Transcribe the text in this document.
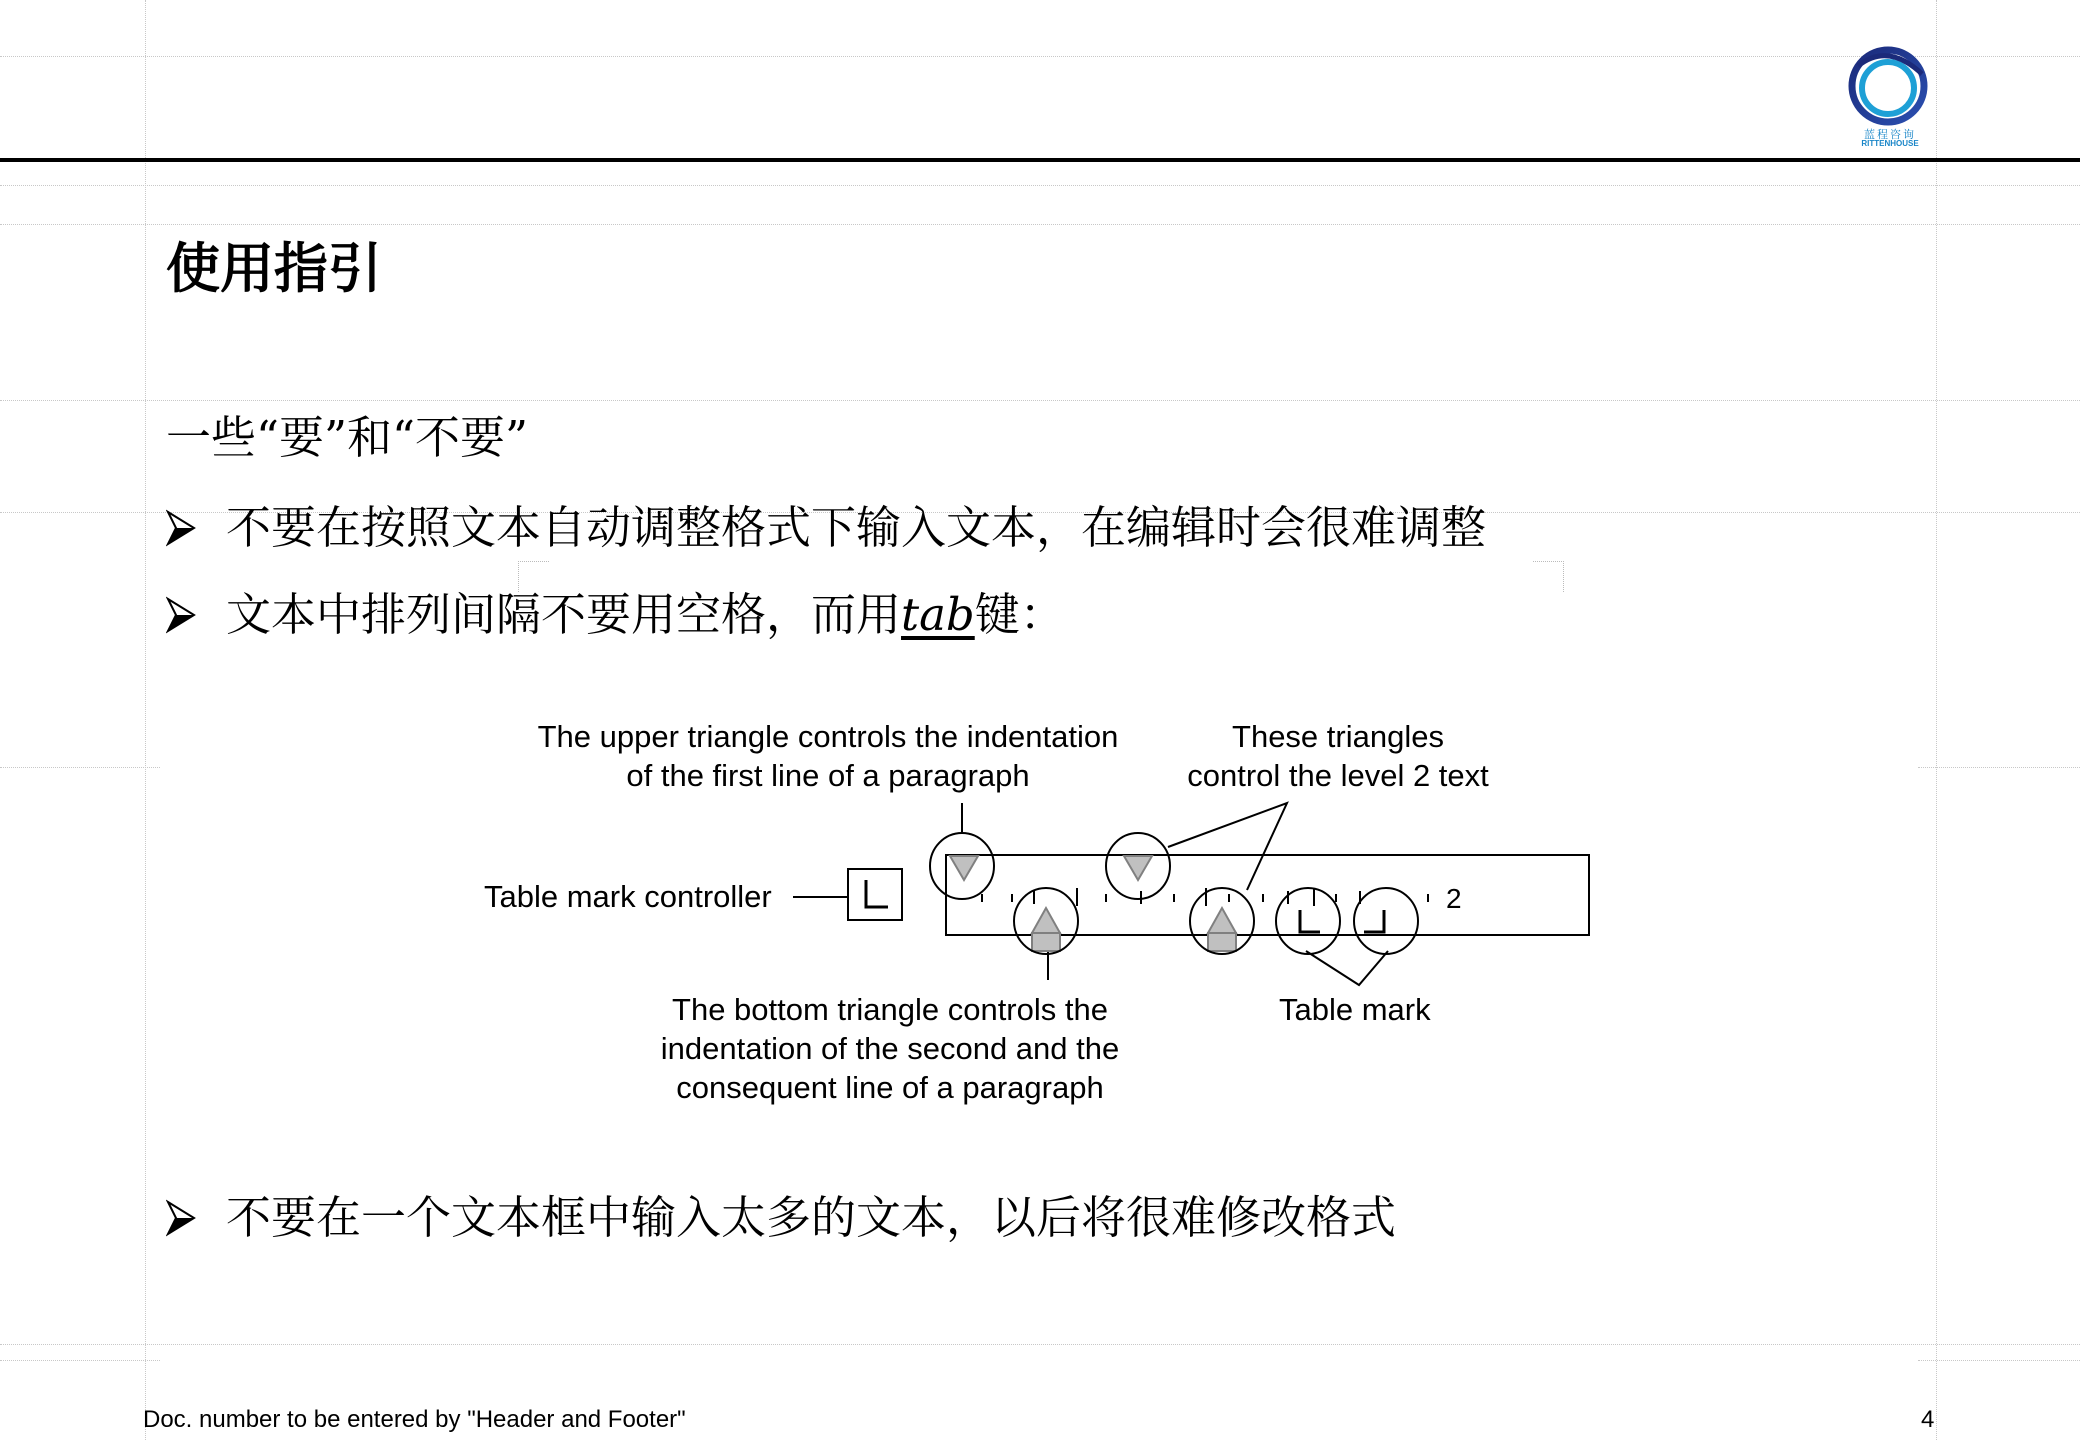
蓝程咨询
RITTENHOUSE
使用指引
一些“要”和“不要”
不要在按照文本自动调整格式下输入文本，在编辑时会很难调整
文本中排列间隔不要用空格，而用 tab 键：
不要在一个文本框中输入太多的文本，以后将很难修改格式
The upper triangle controls the indentation
of the first line of a paragraph
These triangles
control the level 2 text
Table mark controller
The bottom triangle controls the
indentation of the second and the
consequent line of a paragraph
Table mark
2
Doc. number to be entered by "Header and Footer"	4
